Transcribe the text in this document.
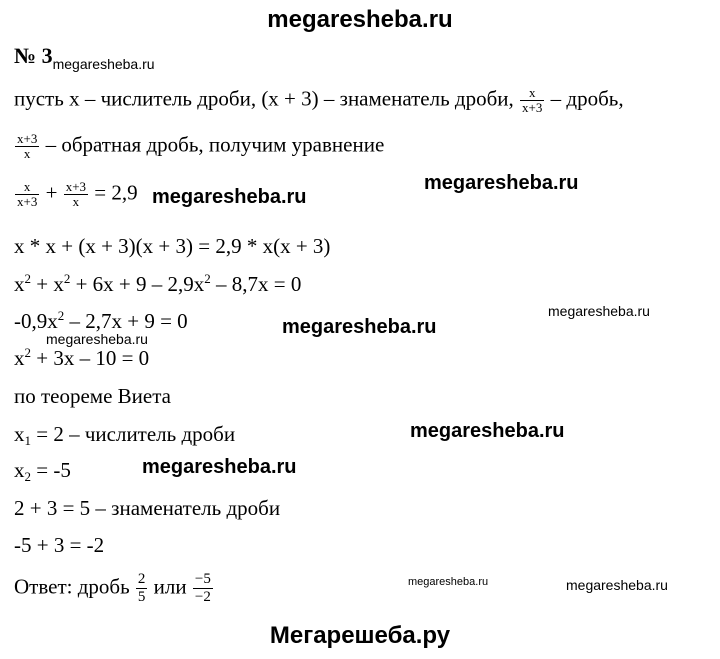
megaresheba.ru
№ $3_{megaresheba.ru}$
пусть x – числитель дроби, (x + 3) – знаменатель дроби, $\frac{x}{x+3}$ – дробь,
$\frac{x+3}{x}$ – обратная дробь, получим уравнение
$\frac{x}{x+3} + \frac{x+3}{x} = 2,9$
x * x + (x + 3)(x + 3) = 2,9 * x(x + 3)
$x^2 + x^2 + 6x + 9 - 2,9x^2 - 8,7x = 0$
$-0,9x^2 - 2,7x + 9 = 0$
$x^2 + 3x - 10 = 0$
по теореме Виета
$x_1 = 2$ – числитель дроби
$x_2 = -5$
2 + 3 = 5 – знаменатель дроби
-5 + 3 = -2
Ответ: дробь $\frac{2}{5}$ или $\frac{-5}{-2}$
megaresheba.ru
megaresheba.ru
megaresheba.ru
megaresheba.ru
megaresheba.ru
megaresheba.ru
megaresheba.ru
megaresheba.ru	megaresheba.ru
Мегарешеба.ру
